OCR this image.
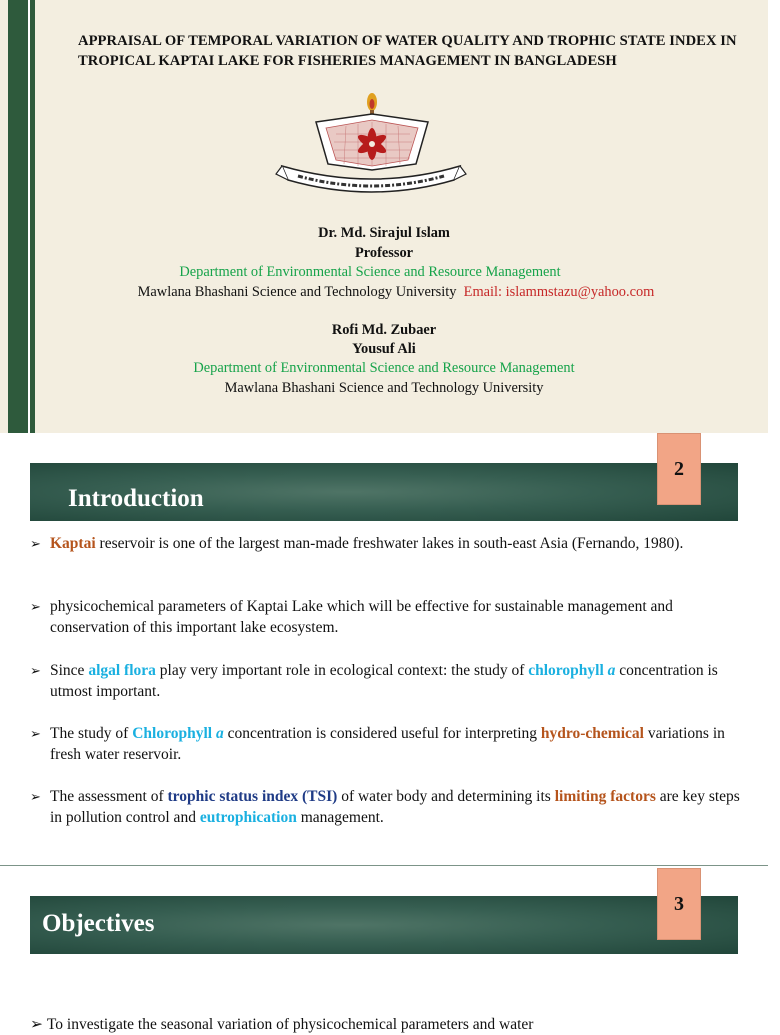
APPRAISAL OF TEMPORAL VARIATION OF WATER QUALITY AND TROPHIC STATE INDEX IN TROPICAL KAPTAI LAKE FOR FISHERIES MANAGEMENT IN BANGLADESH
Dr. Md. Sirajul Islam
Professor
Department of Environmental Science and Resource Management
Mawlana Bhashani Science and Technology University Email: islammstazu@yahoo.com
Rofi Md. Zubaer
Yousuf Ali
Department of Environmental Science and Resource Management
Mawlana Bhashani Science and Technology University
Introduction
2
➢ Kaptai reservoir is one of the largest man-made freshwater lakes in south-east Asia (Fernando, 1980).
➢ physicochemical parameters of Kaptai Lake which will be effective for sustainable management and conservation of this important lake ecosystem.
➢ Since algal flora play very important role in ecological context: the study of chlorophyll a concentration is utmost important.
➢ The study of Chlorophyll a concentration is considered useful for interpreting hydro-chemical variations in fresh water reservoir.
➢ The assessment of trophic status index (TSI) of water body and determining its limiting factors are key steps in pollution control and eutrophication management.
Objectives
3
➢ To investigate the seasonal variation of physicochemical parameters and water
